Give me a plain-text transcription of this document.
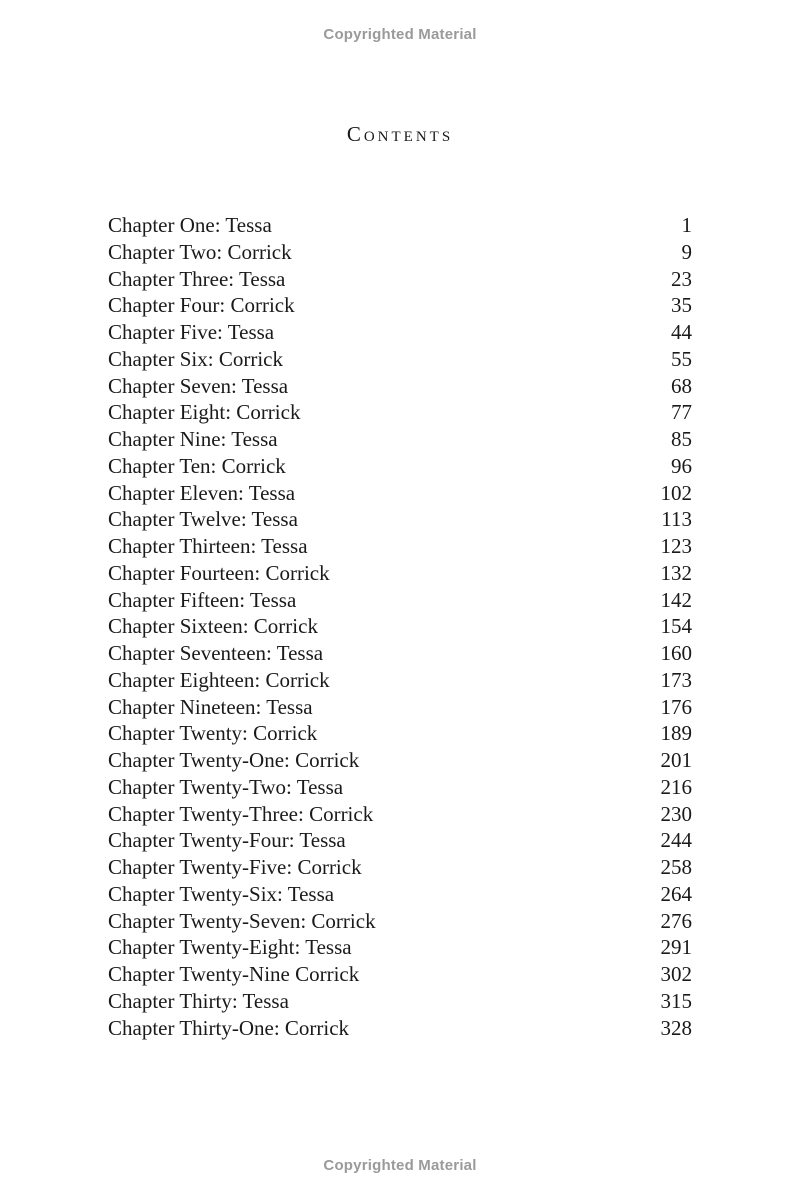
Copyrighted Material
Contents
Chapter One: Tessa	1
Chapter Two: Corrick	9
Chapter Three: Tessa	23
Chapter Four: Corrick	35
Chapter Five: Tessa	44
Chapter Six: Corrick	55
Chapter Seven: Tessa	68
Chapter Eight: Corrick	77
Chapter Nine: Tessa	85
Chapter Ten: Corrick	96
Chapter Eleven: Tessa	102
Chapter Twelve: Tessa	113
Chapter Thirteen: Tessa	123
Chapter Fourteen: Corrick	132
Chapter Fifteen: Tessa	142
Chapter Sixteen: Corrick	154
Chapter Seventeen: Tessa	160
Chapter Eighteen: Corrick	173
Chapter Nineteen: Tessa	176
Chapter Twenty: Corrick	189
Chapter Twenty-One: Corrick	201
Chapter Twenty-Two: Tessa	216
Chapter Twenty-Three: Corrick	230
Chapter Twenty-Four: Tessa	244
Chapter Twenty-Five: Corrick	258
Chapter Twenty-Six: Tessa	264
Chapter Twenty-Seven: Corrick	276
Chapter Twenty-Eight: Tessa	291
Chapter Twenty-Nine Corrick	302
Chapter Thirty: Tessa	315
Chapter Thirty-One: Corrick	328
Copyrighted Material
